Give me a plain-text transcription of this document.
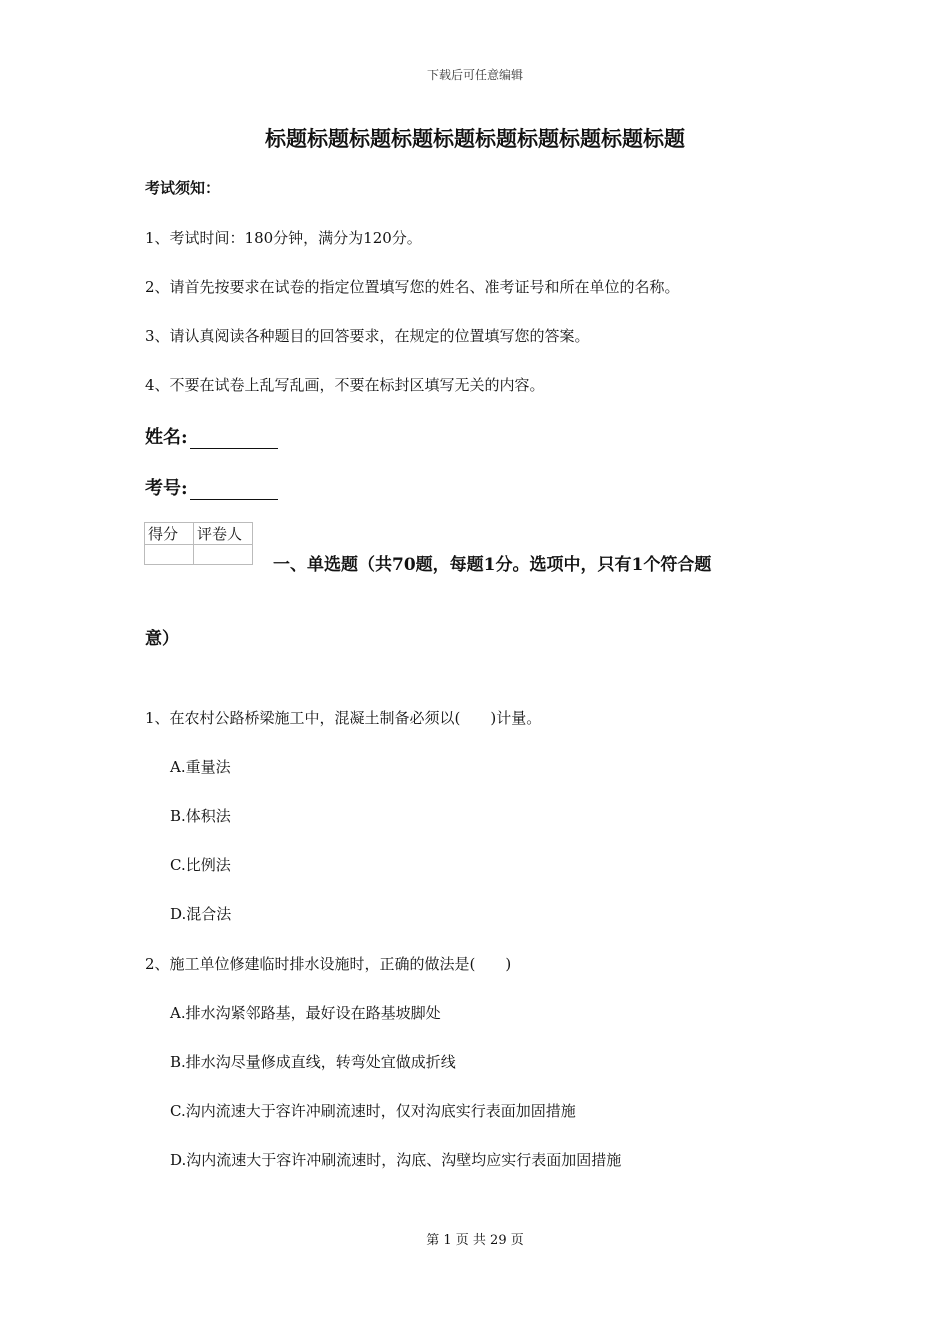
下载后可任意编辑
标题标题标题标题标题标题标题标题标题标题
考试须知：
1、考试时间：180分钟，满分为120分。
2、请首先按要求在试卷的指定位置填写您的姓名、准考证号和所在单位的名称。
3、请认真阅读各种题目的回答要求，在规定的位置填写您的答案。
4、不要在试卷上乱写乱画，不要在标封区填写无关的内容。
姓名:
考号:
得分	评卷人

一、单选题（共70题，每题1分。选项中，只有1个符合题
意）
1、在农村公路桥梁施工中，混凝土制备必须以(　　)计量。
A.重量法
B.体积法
C.比例法
D.混合法
2、施工单位修建临时排水设施时，正确的做法是(　　)
A.排水沟紧邻路基，最好设在路基坡脚处
B.排水沟尽量修成直线，转弯处宜做成折线
C.沟内流速大于容许冲刷流速时，仅对沟底实行表面加固措施
D.沟内流速大于容许冲刷流速时，沟底、沟壁均应实行表面加固措施
第 1 页 共 29 页
